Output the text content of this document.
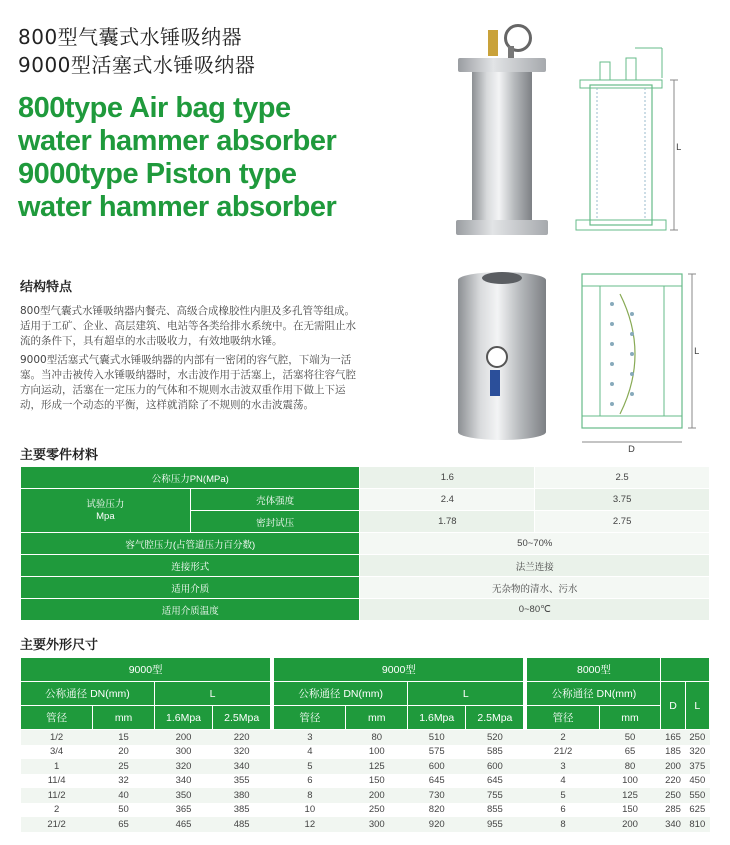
800型气囊式水锤吸纳器
9000型活塞式水锤吸纳器
800type Air bag type
water hammer absorber
9000type Piston type
water hammer absorber
L
L
D
结构特点

800型气囊式水锤吸纳器内餐壳、高级合成橡胶性内胆及多孔管等组成。适用于工矿、企业、高层建筑、电站等各类给排水系统中。在无需阻止水流的条件下，具有超卓的水击吸收力，有效地吸纳水锤。

9000型活塞式气囊式水锤吸纳器的内部有一密闭的容气腔，下端为一活塞。当冲击被传入水锤吸纳器时，水击波作用于活塞上，活塞将往容气腔方向运动，活塞在一定压力的气体和不规则水击波双重作用下做上下运动，形成一个动态的平衡，这样就消除了不规则的水击波震荡。

主要零件材料
公称压力PN(MPa)		1.6	2.5
试验压力
Mpa	壳体强度	2.4	3.75
	密封试压	1.78	2.75
容气腔压力(占管道压力百分数)		50~70%	
连接形式		法兰连接	
适用介质		无杂物的清水、污水	
适用介质温度		0~80℃	
主要外形尺寸
9000型					9000型					8000型			
公称通径 DN(mm)		L			公称通径 DN(mm)		L			公称通径 DN(mm)		D	L
管径	mm	1.6Mpa	2.5Mpa		管径	mm	1.6Mpa	2.5Mpa		管径	mm		
1/2	15	200	220		3	80	510	520		2	50	165	250
3/4	20	300	320		4	100	575	585		21/2	65	185	320
1	25	320	340		5	125	600	600		3	80	200	375
11/4	32	340	355		6	150	645	645		4	100	220	450
11/2	40	350	380		8	200	730	755		5	125	250	550
2	50	365	385		10	250	820	855		6	150	285	625
21/2	65	465	485		12	300	920	955		8	200	340	810
